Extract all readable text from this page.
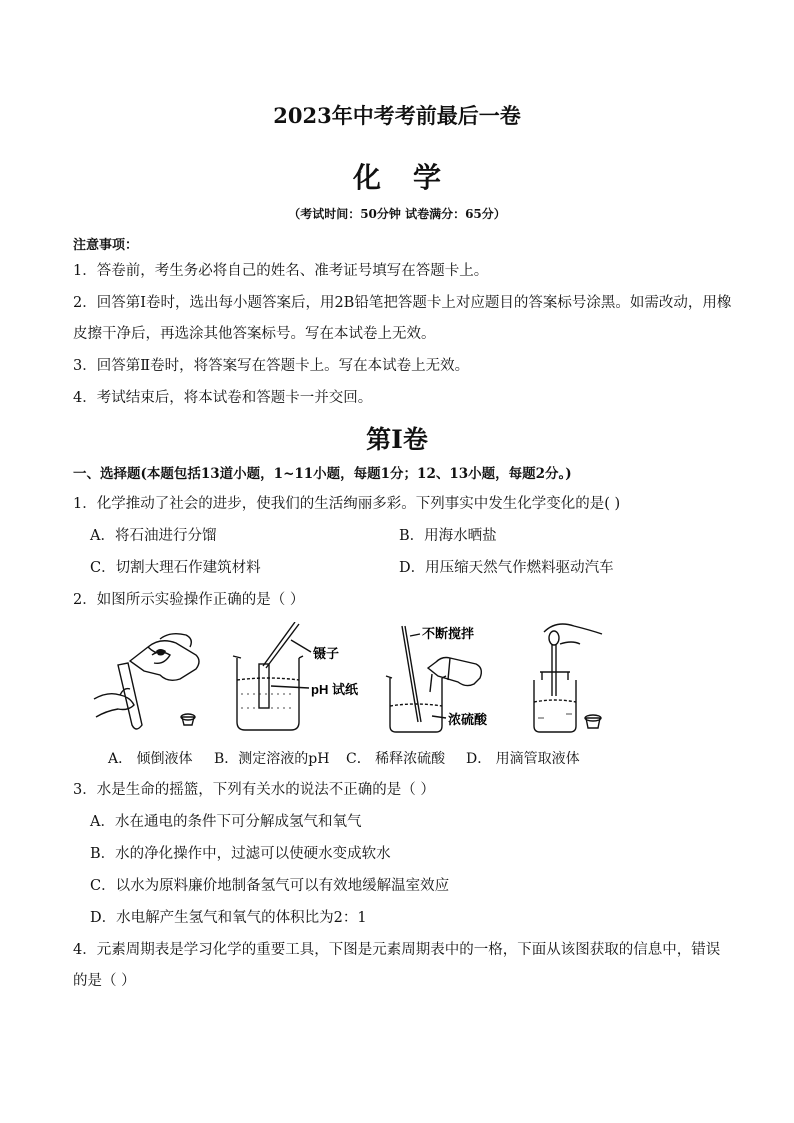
2023年中考考前最后一卷
化学
（考试时间：50分钟 试卷满分：65分）
注意事项：
1．答卷前，考生务必将自己的姓名、准考证号填写在答题卡上。
2．回答第Ⅰ卷时，选出每小题答案后，用2B铅笔把答题卡上对应题目的答案标号涂黑。如需改动，用橡
皮擦干净后，再选涂其他答案标号。写在本试卷上无效。
3．回答第Ⅱ卷时，将答案写在答题卡上。写在本试卷上无效。
4．考试结束后，将本试卷和答题卡一并交回。
第Ⅰ卷
一、选择题(本题包括13道小题，1~11小题，每题1分；12、13小题，每题2分。)
1．化学推动了社会的进步，使我们的生活绚丽多彩。下列事实中发生化学变化的是( )
A．将石油进行分馏	B．用海水晒盐
C．切割大理石作建筑材料	D．用压缩天然气作燃料驱动汽车
2．如图所示实验操作正确的是（ ）
镊子
pH 试纸
不断搅拌
浓硫酸
A． 倾倒液体 B．测定溶液的pH C． 稀释浓硫酸 D． 用滴管取液体
3．水是生命的摇篮，下列有关水的说法不正确的是（ ）
A．水在通电的条件下可分解成氢气和氧气
B．水的净化操作中，过滤可以使硬水变成软水
C．以水为原料廉价地制备氢气可以有效地缓解温室效应
D．水电解产生氢气和氧气的体积比为2：1
4．元素周期表是学习化学的重要工具，下图是元素周期表中的一格，下面从该图获取的信息中，错误
的是（ ）
